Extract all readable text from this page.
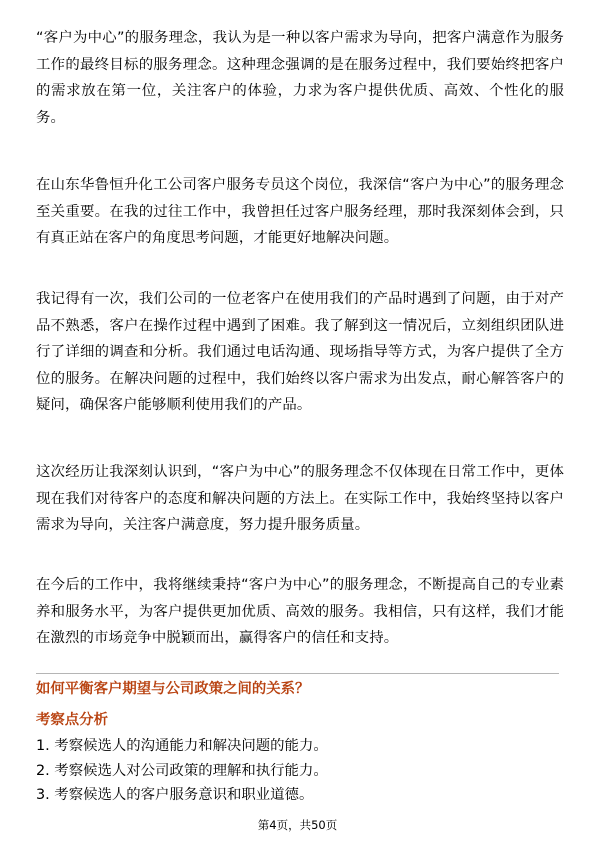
“客户为中心”的服务理念，我认为是一种以客户需求为导向，把客户满意作为服务工作的最终目标的服务理念。这种理念强调的是在服务过程中，我们要始终把客户的需求放在第一位，关注客户的体验，力求为客户提供优质、高效、个性化的服务。

在山东华鲁恒升化工公司客户服务专员这个岗位，我深信“客户为中心”的服务理念至关重要。在我的过往工作中，我曾担任过客户服务经理，那时我深刻体会到，只有真正站在客户的角度思考问题，才能更好地解决问题。

我记得有一次，我们公司的一位老客户在使用我们的产品时遇到了问题，由于对产品不熟悉，客户在操作过程中遇到了困难。我了解到这一情况后，立刻组织团队进行了详细的调查和分析。我们通过电话沟通、现场指导等方式，为客户提供了全方位的服务。在解决问题的过程中，我们始终以客户需求为出发点，耐心解答客户的疑问，确保客户能够顺利使用我们的产品。

这次经历让我深刻认识到，“客户为中心”的服务理念不仅体现在日常工作中，更体现在我们对待客户的态度和解决问题的方法上。在实际工作中，我始终坚持以客户需求为导向，关注客户满意度，努力提升服务质量。

在今后的工作中，我将继续秉持“客户为中心”的服务理念，不断提高自己的专业素养和服务水平，为客户提供更加优质、高效的服务。我相信，只有这样，我们才能在激烈的市场竞争中脱颖而出，赢得客户的信任和支持。

如何平衡客户期望与公司政策之间的关系？
考察点分析
1. 考察候选人的沟通能力和解决问题的能力。
2. 考察候选人对公司政策的理解和执行能力。
3. 考察候选人的客户服务意识和职业道德。
第4页，共50页
